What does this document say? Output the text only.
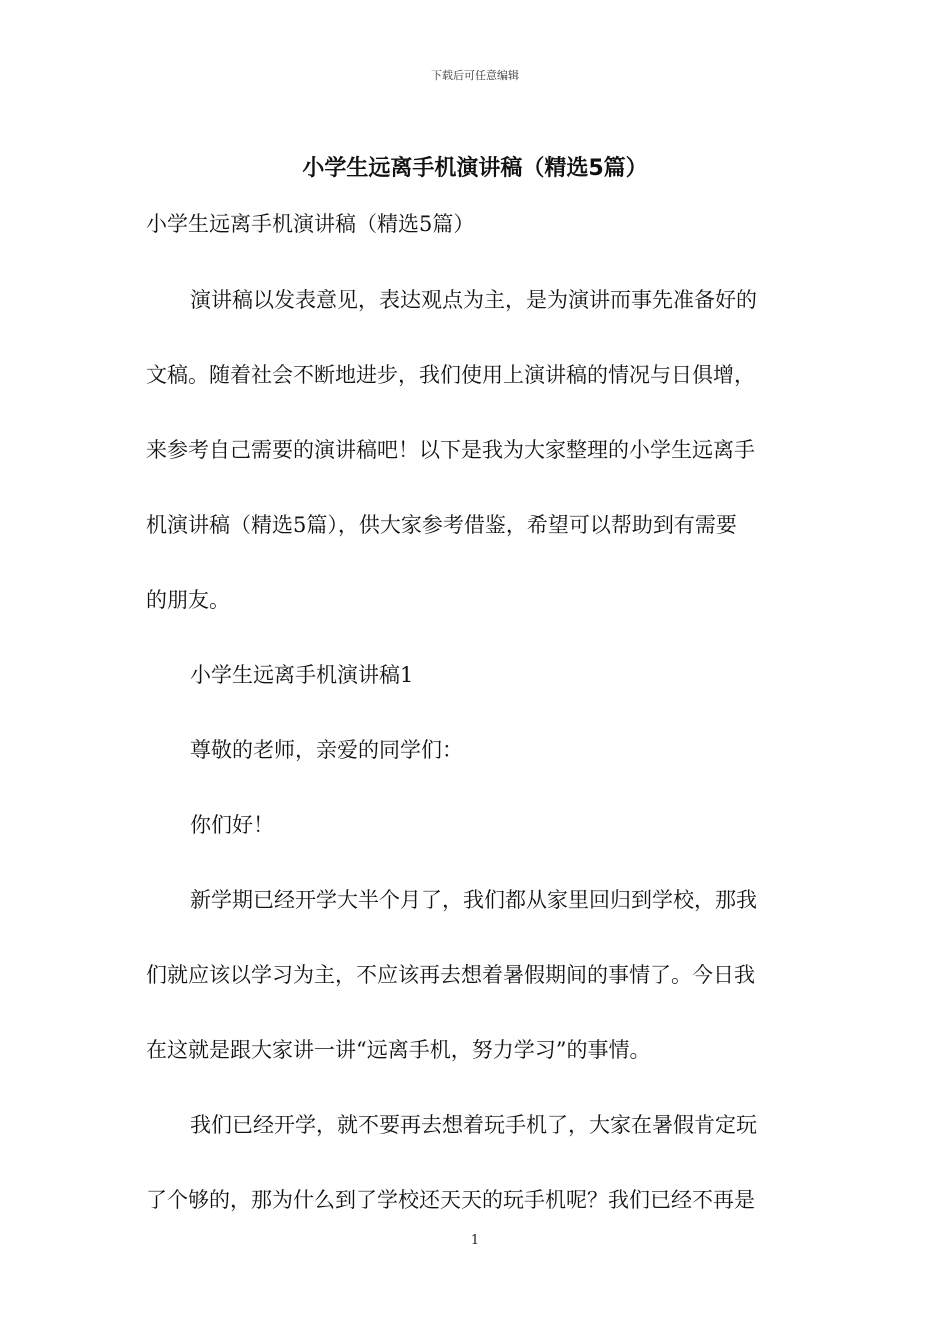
下载后可任意编辑
小学生远离手机演讲稿（精选5篇）

小学生远离手机演讲稿（精选5篇）

演讲稿以发表意见，表达观点为主，是为演讲而事先准备好的
文稿。随着社会不断地进步，我们使用上演讲稿的情况与日俱增，
来参考自己需要的演讲稿吧！以下是我为大家整理的小学生远离手
机演讲稿（精选5篇），供大家参考借鉴，希望可以帮助到有需要
的朋友。

小学生远离手机演讲稿1

尊敬的老师，亲爱的同学们：

你们好！

新学期已经开学大半个月了，我们都从家里回归到学校，那我
们就应该以学习为主，不应该再去想着暑假期间的事情了。今日我
在这就是跟大家讲一讲“远离手机，努力学习”的事情。
我们已经开学，就不要再去想着玩手机了，大家在暑假肯定玩
了个够的，那为什么到了学校还天天的玩手机呢？我们已经不再是
1
